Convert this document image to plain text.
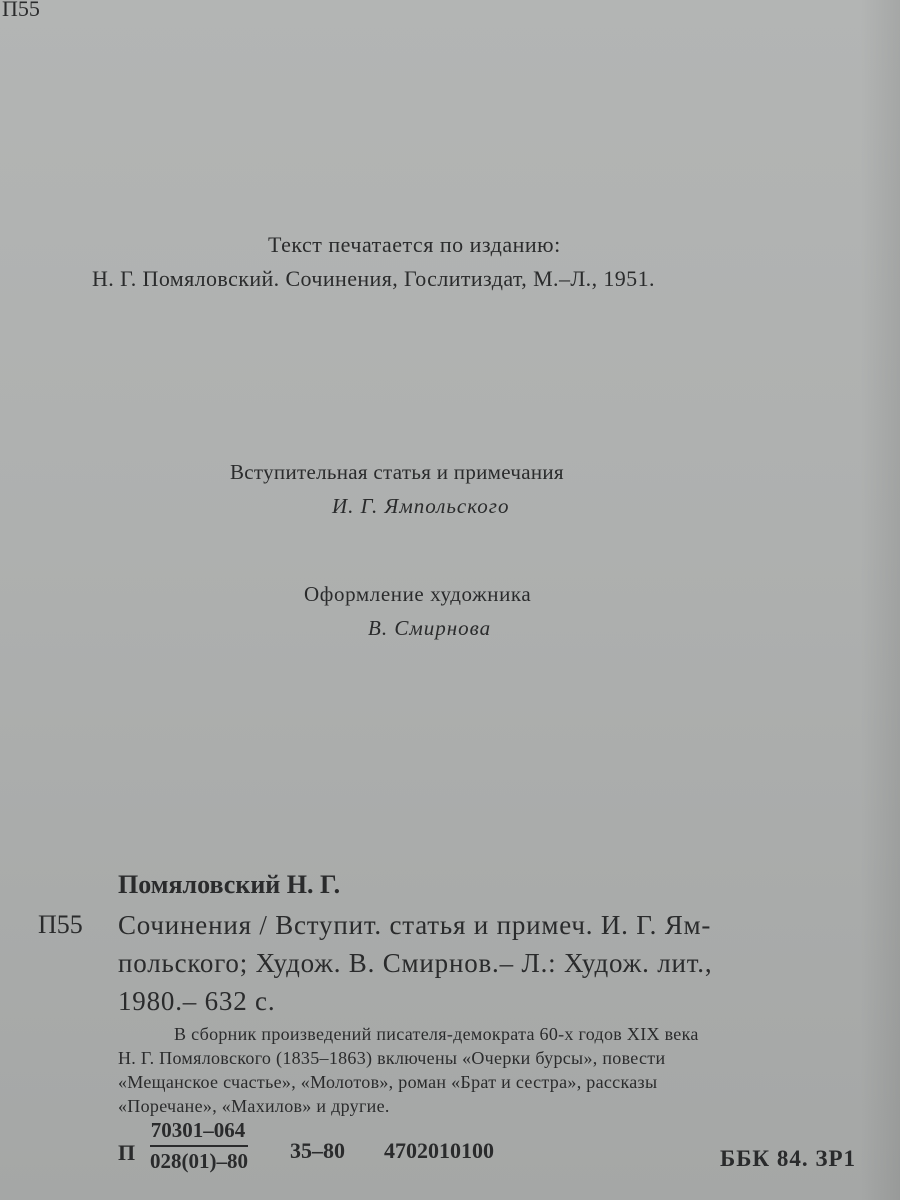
П55
Текст печатается по изданию:
Н. Г. Помяловский. Сочинения, Гослитиздат, М.–Л., 1951.
Вступительная статья и примечания
И. Г. Ямпольского
Оформление художника
В. Смирнова
Помяловский Н. Г.
П55 Сочинения / Вступит. статья и примеч. И. Г. Ям-
польского; Худож. В. Смирнов.– Л.: Худож. лит.,
1980.– 632 с.
В сборник произведений писателя-демократа 60-х годов XIX века
Н. Г. Помяловского (1835–1863) включены «Очерки бурсы», повести
«Мещанское счастье», «Молотов», роман «Брат и сестра», рассказы
«Поречане», «Махилов» и другие.
П $\frac{70301-064}{028(01)-80} 35-80$ 4702010100	ББК 84. ЗР1
